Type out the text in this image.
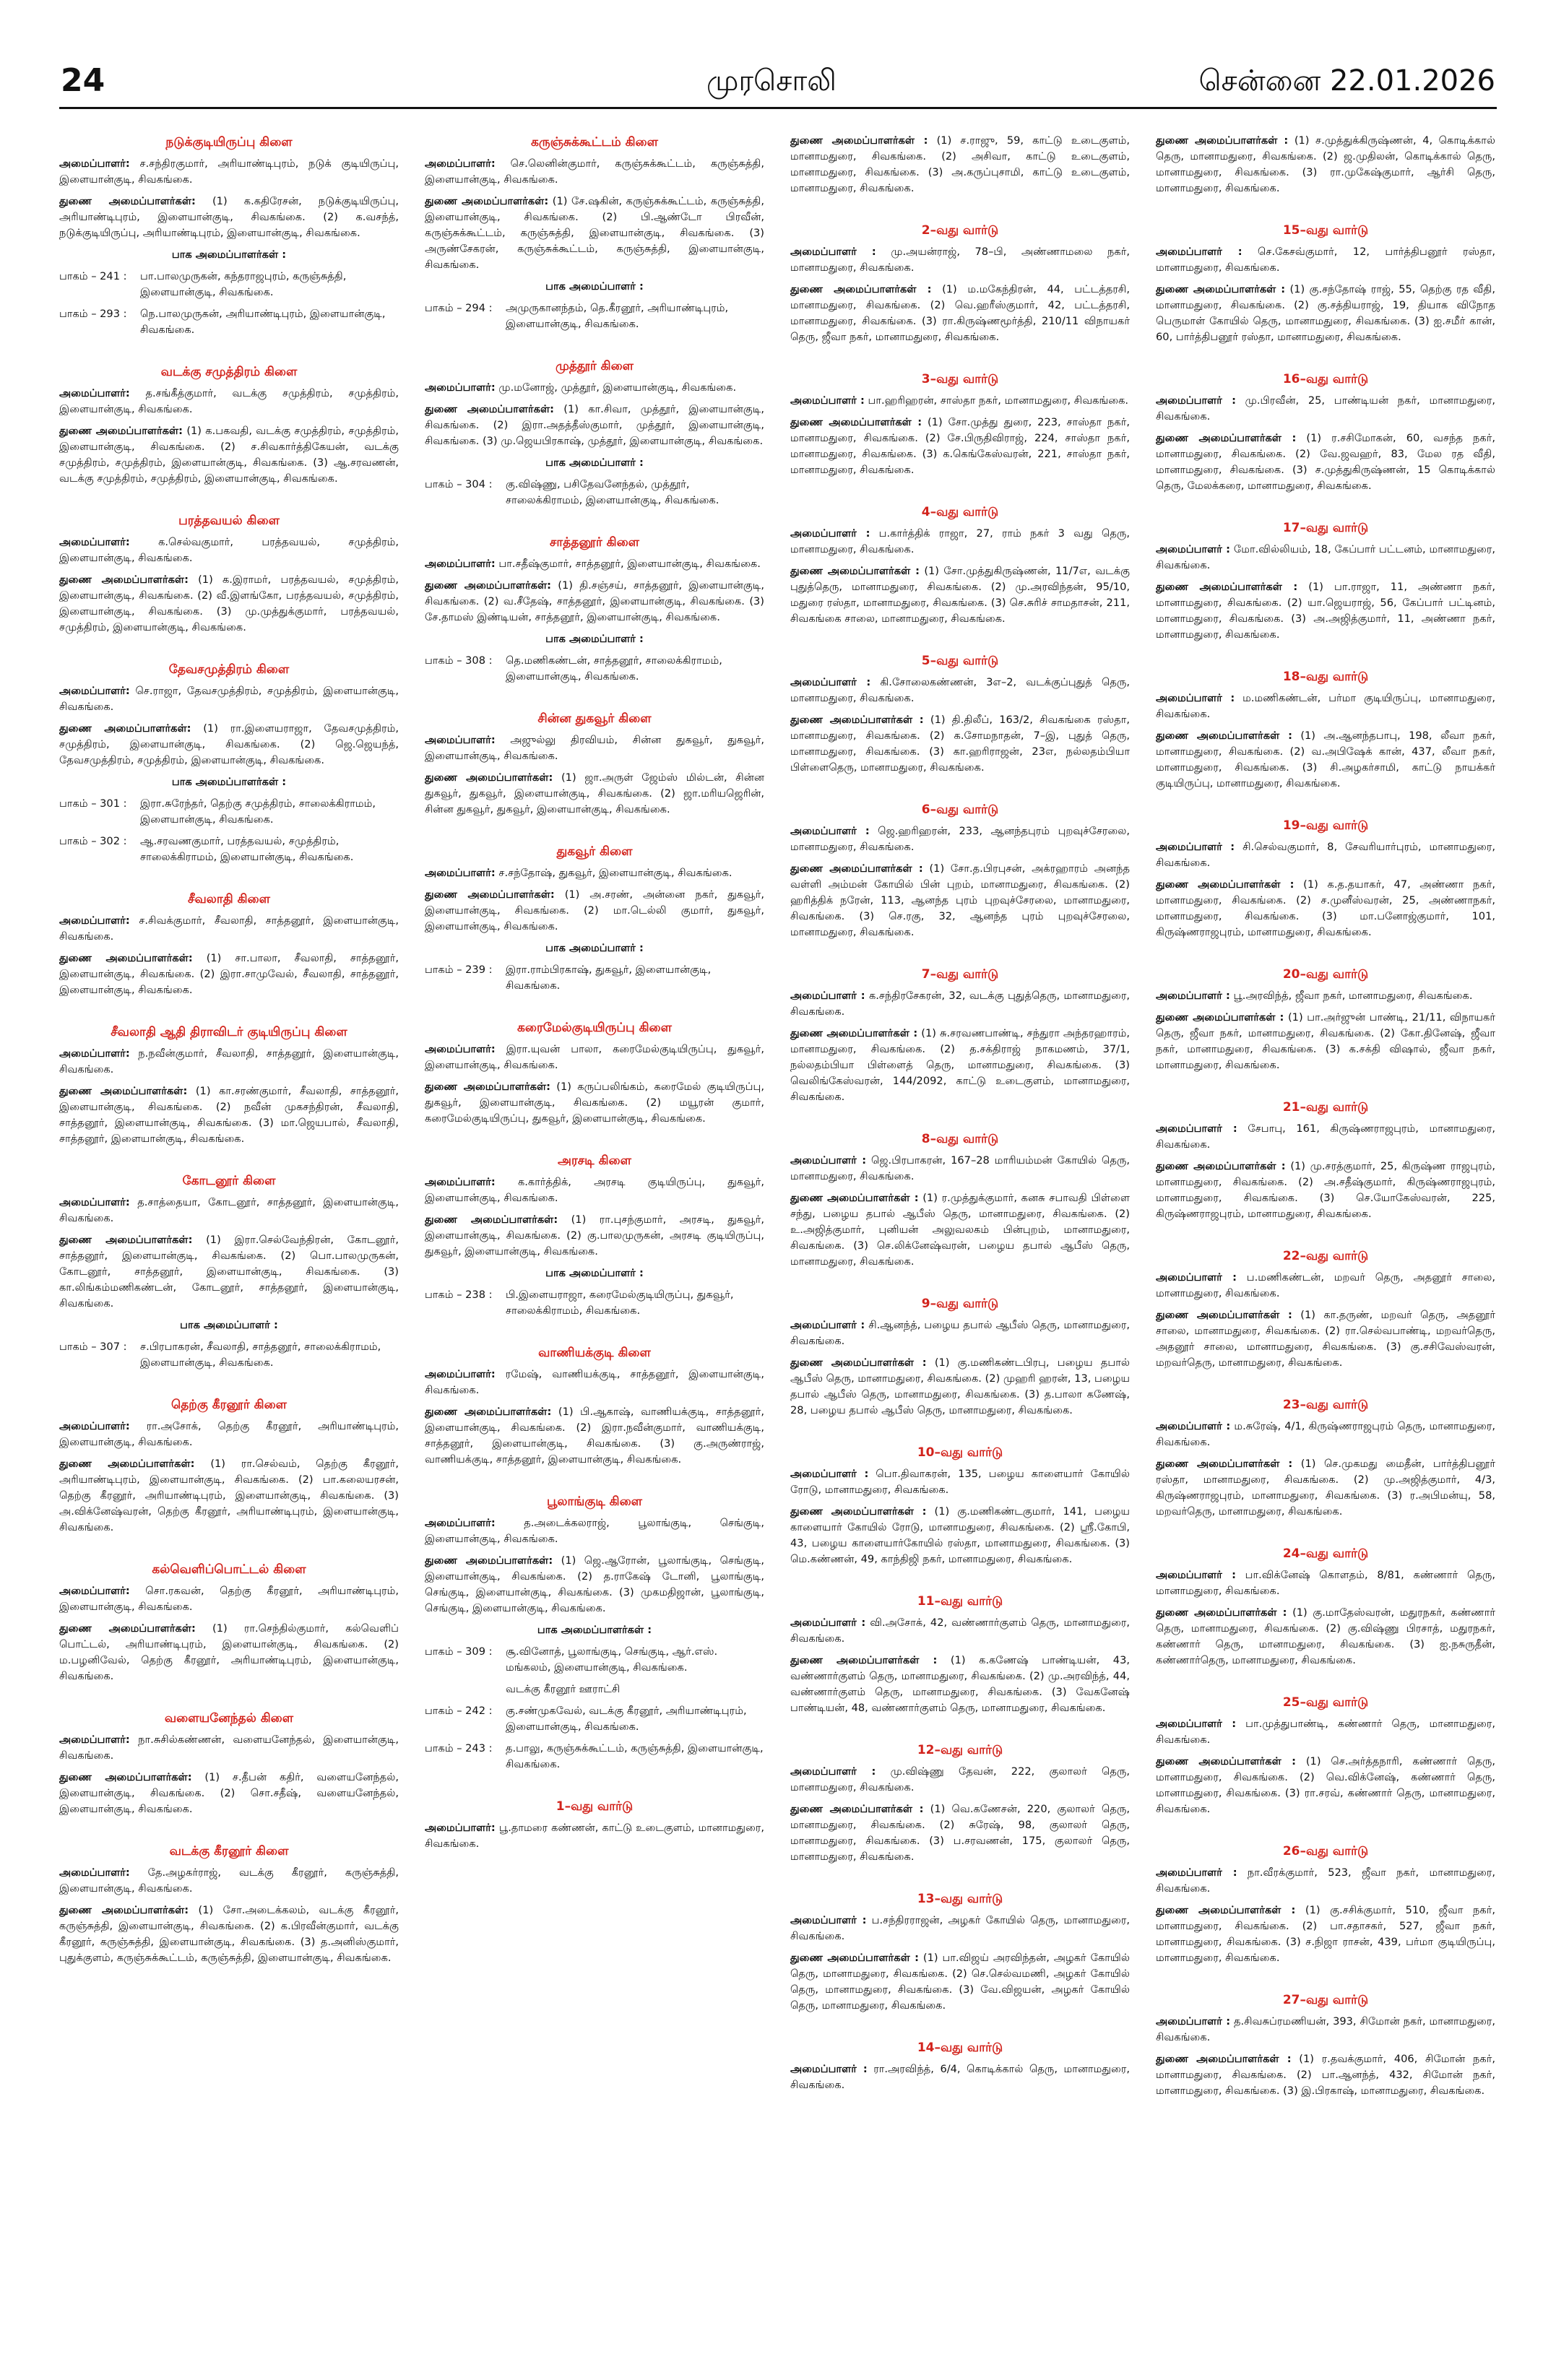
24	முரசொலி	சென்னை 22.01.2026
நடுக்குடியிருப்பு கிளை
அமைப்பாளர்: ச.சந்திரகுமார், அரியாண்டிபுரம், நடுக் குடியிருப்பு, இளையான்குடி, சிவகங்கை.
துணை அமைப்பாளர்கள்: (1) க.கதிரேசன், நடுக்குடியிருப்பு, அரியாண்டிபுரம், இளையான்குடி, சிவகங்கை. (2) க.வசந்த், நடுக்குடியிருப்பு, அரியாண்டிபுரம், இளையான்குடி, சிவகங்கை.
பாக அமைப்பாளர்கள் :
பாகம் – 241 :	பா.பாலமுருகன், கந்தராஜபுரம், கருஞ்சுத்தி, இளையான்குடி, சிவகங்கை.
பாகம் – 293 :	நெ.பாலமுருகன், அரியாண்டிபுரம், இளையான்குடி, சிவகங்கை.
வடக்கு சமுத்திரம் கிளை
அமைப்பாளர்: த.சங்கீத்குமார், வடக்கு சமுத்திரம், சமுத்திரம், இளையான்குடி, சிவகங்கை.
துணை அமைப்பாளர்கள்: (1) க.பகவதி, வடக்கு சமுத்திரம், சமுத்திரம், இளையான்குடி, சிவகங்கை. (2) ச.சிவகார்த்திகேயன், வடக்கு சமுத்திரம், சமுத்திரம், இளையான்குடி, சிவகங்கை. (3) ஆ.சரவணன், வடக்கு சமுத்திரம், சமுத்திரம், இளையான்குடி, சிவகங்கை.
பரத்தவயல் கிளை
அமைப்பாளர்:	க.செல்வகுமார், பரத்தவயல், சமுத்திரம், இளையான்குடி, சிவகங்கை.
துணை அமைப்பாளர்கள்: (1) க.இராமர், பரத்தவயல், சமுத்திரம், இளையான்குடி, சிவகங்கை. (2) வீ.இளங்கோ, பரத்தவயல், சமுத்திரம், இளையான்குடி, சிவகங்கை. (3) மு.முத்துக்குமார், பரத்தவயல், சமுத்திரம், இளையான்குடி, சிவகங்கை.
தேவசமுத்திரம் கிளை
அமைப்பாளர்: செ.ராஜா, தேவசமுத்திரம், சமுத்திரம், இளையான்குடி, சிவகங்கை.
துணை அமைப்பாளர்கள்: (1) ரா.இளையராஜா, தேவசமுத்திரம், சமுத்திரம், இளையான்குடி, சிவகங்கை. (2) ஜெ.ஜெயந்த், தேவசமுத்திரம், சமுத்திரம், இளையான்குடி, சிவகங்கை.
பாக அமைப்பாளர்கள் :
பாகம் – 301 :	இரா.சுரேந்தர், தெற்கு சமுத்திரம், சாலைக்கிராமம், இளையான்குடி, சிவகங்கை.
பாகம் – 302 :	ஆ.சரவணகுமார், பரத்தவயல், சமுத்திரம், சாலைக்கிராமம், இளையான்குடி, சிவகங்கை.
சீவலாதி கிளை
அமைப்பாளர்: ச.சிவக்குமார், சீவலாதி, சாத்தனூர், இளையான்குடி, சிவகங்கை.
துணை அமைப்பாளர்கள்: (1) சா.பாலா, சீவலாதி, சாத்தனூர், இளையான்குடி, சிவகங்கை. (2) இரா.சாமுவேல், சீவலாதி, சாத்தனூர், இளையான்குடி, சிவகங்கை.
சீவலாதி ஆதி திராவிடர் குடியிருப்பு கிளை
அமைப்பாளர்: ந.நவீன்குமார், சீவலாதி, சாத்தனூர், இளையான்குடி, சிவகங்கை.
துணை அமைப்பாளர்கள்: (1) கா.சரண்குமார், சீவலாதி, சாத்தனூர், இளையான்குடி, சிவகங்கை. (2) நவீன் முகசந்திரன், சீவலாதி, சாத்தனூர், இளையான்குடி, சிவகங்கை. (3) மா.ஜெயபால், சீவலாதி, சாத்தனூர், இளையான்குடி, சிவகங்கை.
கோடனூர் கிளை
அமைப்பாளர்: த.சாத்தையா, கோடனூர், சாத்தனூர், இளையான்குடி, சிவகங்கை.
துணை அமைப்பாளர்கள்: (1) இரா.செல்வேந்திரன், கோடனூர், சாத்தனூர், இளையான்குடி, சிவகங்கை. (2) பொ.பாலமுருகன், கோடனூர், சாத்தனூர், இளையான்குடி, சிவகங்கை. (3) கா.லிங்கம்மணிகண்டன், கோடனூர், சாத்தனூர், இளையான்குடி, சிவகங்கை.
பாக அமைப்பாளர் :
பாகம் – 307 :	ச.பிரபாகரன், சீவலாதி, சாத்தனூர், சாலைக்கிராமம், இளையான்குடி, சிவகங்கை.
தெற்கு கீரனூர் கிளை
அமைப்பாளர்: ரா.அசோக், தெற்கு கீரனூர், அரியாண்டிபுரம், இளையான்குடி, சிவகங்கை.
துணை அமைப்பாளர்கள்: (1) ரா.செல்வம், தெற்கு கீரனூர், அரியாண்டிபுரம், இளையான்குடி, சிவகங்கை. (2) பா.கலையரசன், தெற்கு கீரனூர், அரியாண்டிபுரம், இளையான்குடி, சிவகங்கை. (3) அ.விக்னேஷ்வரன், தெற்கு கீரனூர், அரியாண்டிபுரம், இளையான்குடி, சிவகங்கை.
கல்வெளிப்பொட்டல் கிளை
அமைப்பாளர்: சொ.ரகவன், தெற்கு கீரனூர், அரியாண்டிபுரம், இளையான்குடி, சிவகங்கை.
துணை அமைப்பாளர்கள்: (1) ரா.செந்தில்குமார், கல்வெளிப் பொட்டல், அரியாண்டிபுரம், இளையான்குடி, சிவகங்கை. (2) ம.பழனிவேல், தெற்கு கீரனூர், அரியாண்டிபுரம், இளையான்குடி, சிவகங்கை.
வளையனேந்தல் கிளை
அமைப்பாளர்: நா.சுசில்கண்ணன், வளையனேந்தல், இளையான்குடி, சிவகங்கை.
துணை அமைப்பாளர்கள்: (1) ச.தீபன் கதிர், வளையனேந்தல், இளையான்குடி, சிவகங்கை. (2) சொ.சதீஷ், வளையனேந்தல், இளையான்குடி, சிவகங்கை.
வடக்கு கீரனூர் கிளை
அமைப்பாளர்: தே.அழகர்ராஜ், வடக்கு கீரனூர், கருஞ்சுத்தி, இளையான்குடி, சிவகங்கை.
துணை அமைப்பாளர்கள்: (1) சோ.அடைக்கலம், வடக்கு கீரனூர், கருஞ்சுத்தி, இளையான்குடி, சிவகங்கை. (2) க.பிரவீன்குமார், வடக்கு கீரனூர், கருஞ்சுத்தி, இளையான்குடி, சிவகங்கை. (3) த.அனிஸ்குமார், புதுக்குளம், கருஞ்சுக்கூட்டம், கருஞ்சுத்தி, இளையான்குடி, சிவகங்கை.
கருஞ்சுக்கூட்டம் கிளை
அமைப்பாளர்: செ.லெனின்குமார், கருஞ்சுக்கூட்டம், கருஞ்சுத்தி, இளையான்குடி, சிவகங்கை.
துணை அமைப்பாளர்கள்: (1) சே.ஷகின், கருஞ்சுக்கூட்டம், கருஞ்சுத்தி, இளையான்குடி, சிவகங்கை. (2) பி.ஆண்டோ பிரவீன், கருஞ்சுக்கூட்டம், கருஞ்சுத்தி, இளையான்குடி, சிவகங்கை. (3) அருண்சேகரன், கருஞ்சுக்கூட்டம், கருஞ்சுத்தி, இளையான்குடி, சிவகங்கை.
பாக அமைப்பாளர் :
பாகம் – 294 :	அமுருகானந்தம், தெ.கீரனூர், அரியாண்டிபுரம், இளையான்குடி, சிவகங்கை.
முத்தூர் கிளை
அமைப்பாளர்: மு.மனோஜ், முத்தூர், இளையான்குடி, சிவகங்கை.
துணை அமைப்பாளர்கள்: (1) கா.சிவா, முத்தூர், இளையான்குடி, சிவகங்கை. (2) இரா.அதத்தீஸ்குமார், முத்தூர், இளையான்குடி, சிவகங்கை. (3) மு.ஜெயபிரகாஷ், முத்தூர், இளையான்குடி, சிவகங்கை.
பாக அமைப்பாளர் :
பாகம் – 304 :	கு.விஷ்ணு, பசிதேவனேந்தல், முத்தூர், சாலைக்கிராமம், இளையான்குடி, சிவகங்கை.
சாத்தனூர் கிளை
அமைப்பாளர்: பா.சதீஷ்குமார், சாத்தனூர், இளையான்குடி, சிவகங்கை.
துணை அமைப்பாளர்கள்: (1) தி.சஞ்சய், சாத்தனூர், இளையான்குடி, சிவகங்கை. (2) வ.சீதேஷ், சாத்தனூர், இளையான்குடி, சிவகங்கை. (3) சே.தாமஸ் இண்டியன், சாத்தனூர், இளையான்குடி, சிவகங்கை.
பாக அமைப்பாளர் :
பாகம் – 308 :	தெ.மணிகண்டன், சாத்தனூர், சாலைக்கிராமம், இளையான்குடி, சிவகங்கை.
சின்ன துகவூர் கிளை
அமைப்பாளர்: அஜுல்லு திரவியம், சின்ன துகவூர், துகவூர், இளையான்குடி, சிவகங்கை.
துணை அமைப்பாளர்கள்: (1) ஜா.அருள் ஜேம்ஸ் மில்டன், சின்ன துகவூர், துகவூர், இளையான்குடி, சிவகங்கை. (2) ஜா.மரியஜெரின், சின்ன துகவூர், துகவூர், இளையான்குடி, சிவகங்கை.
துகவூர் கிளை
அமைப்பாளர்: ச.சந்தோஷ், துகவூர், இளையான்குடி, சிவகங்கை.
துணை அமைப்பாளர்கள்: (1) அ.சரண், அன்னை நகர், துகவூர், இளையான்குடி, சிவகங்கை. (2) மா.டெல்லி குமார், துகவூர், இளையான்குடி, சிவகங்கை.
பாக அமைப்பாளர் :
பாகம் – 239 :	இரா.ராம்பிரகாஷ், துகவூர், இளையான்குடி, சிவகங்கை.
கரைமேல்குடியிருப்பு கிளை
அமைப்பாளர்: இரா.யுவன் பாலா, கரைமேல்குடியிருப்பு, துகவூர், இளையான்குடி, சிவகங்கை.
துணை அமைப்பாளர்கள்: (1) கருப்பலிங்கம், கரைமேல் குடியிருப்பு, துகவூர், இளையான்குடி, சிவகங்கை. (2) மயூரன் குமார், கரைமேல்குடியிருப்பு, துகவூர், இளையான்குடி, சிவகங்கை.
அரசடி கிளை
அமைப்பாளர்: க.கார்த்திக், அரசடி குடியிருப்பு, துகவூர், இளையான்குடி, சிவகங்கை.
துணை அமைப்பாளர்கள்: (1) ரா.புசந்குமார், அரசடி, துகவூர், இளையான்குடி, சிவகங்கை. (2) கு.பாலமுருகன், அரசடி குடியிருப்பு, துகவூர், இளையான்குடி, சிவகங்கை.
பாக அமைப்பாளர் :
பாகம் – 238 :	பி.இளையராஜா, கரைமேல்குடியிருப்பு, துகவூர், சாலைக்கிராமம், சிவகங்கை.
வாணியக்குடி கிளை
அமைப்பாளர்: ரமேஷ், வாணியக்குடி, சாத்தனூர், இளையான்குடி, சிவகங்கை.
துணை அமைப்பாளர்கள்: (1) பி.ஆகாஷ், வாணியக்குடி, சாத்தனூர், இளையான்குடி, சிவகங்கை. (2) இரா.நவீன்குமார், வாணியக்குடி, சாத்தனூர், இளையான்குடி, சிவகங்கை. (3) கு.அருண்ராஜ், வாணியக்குடி, சாத்தனூர், இளையான்குடி, சிவகங்கை.
பூலாங்குடி கிளை
அமைப்பாளர்:	த.அடைக்கலராஜ், பூலாங்குடி, செங்குடி, இளையான்குடி, சிவகங்கை.
துணை அமைப்பாளர்கள்: (1) ஜெ.ஆரோன், பூலாங்குடி, செங்குடி, இளையான்குடி, சிவகங்கை. (2) த.ராகேஷ் டோனி, பூலாங்குடி, செங்குடி, இளையான்குடி, சிவகங்கை. (3) முகமதிஜான், பூலாங்குடி, செங்குடி, இளையான்குடி, சிவகங்கை.
பாக அமைப்பாளர்கள் :
பாகம் – 309 :	சூ.வினோத், பூலாங்குடி, செங்குடி, ஆர்.எஸ். மங்கலம், இளையான்குடி, சிவகங்கை.
வடக்கு கீரனூர் ஊராட்சி
பாகம் – 242 :	கு.சண்முகவேல், வடக்கு கீரனூர், அரியாண்டிபுரம், இளையான்குடி, சிவகங்கை.
பாகம் – 243 :	த.பாலு, கருஞ்சுக்கூட்டம், கருஞ்சுத்தி, இளையான்குடி, சிவகங்கை.
1–வது வார்டு
அமைப்பாளர்: பூ.தாமரை கண்ணன், காட்டு உடைகுளம், மானாமதுரை, சிவகங்கை.
துணை அமைப்பாளர்கள் : (1) ச.ராஜு, 59, காட்டு உடைகுளம், மானாமதுரை, சிவகங்கை. (2) அசிவா, காட்டு உடைகுளம், மானாமதுரை, சிவகங்கை. (3) அ.கருப்புசாமி, காட்டு உடைகுளம், மானாமதுரை, சிவகங்கை.
2–வது வார்டு
அமைப்பாளர் : மு.அயன்ராஜ், 78–பி, அண்ணாமலை நகர், மானாமதுரை, சிவகங்கை.
துணை அமைப்பாளர்கள் : (1) ம.மகேந்திரன், 44, பட்டத்தரசி, மானாமதுரை, சிவகங்கை. (2) வெ.ஹரீஸ்குமார், 42, பட்டத்தரசி, மானாமதுரை, சிவகங்கை. (3) ரா.கிருஷ்ணமூர்த்தி, 210/11 விநாயகர் தெரு, ஜீவா நகர், மானாமதுரை, சிவகங்கை.
3–வது வார்டு
அமைப்பாளர் : பா.ஹரிஹரன், சாஸ்தா நகர், மானாமதுரை, சிவகங்கை.
துணை அமைப்பாளர்கள் : (1) சோ.முத்து துரை, 223, சாஸ்தா நகர், மானாமதுரை, சிவகங்கை. (2) சே.பிருதிவிராஜ், 224, சாஸ்தா நகர், மானாமதுரை, சிவகங்கை. (3) க.கெங்கேஸ்வரன், 221, சாஸ்தா நகர், மானாமதுரை, சிவகங்கை.
4–வது வார்டு
அமைப்பாளர் : ப.கார்த்திக் ராஜா, 27, ராம் நகர் 3 வது தெரு, மானாமதுரை, சிவகங்கை.
துணை அமைப்பாளர்கள் : (1) சோ.முத்துகிருஷ்ணன், 11/7எ, வடக்கு புதுத்தெரு, மானாமதுரை, சிவகங்கை. (2) மு.அரவிந்தன், 95/10, மதுரை ரஸ்தா, மானாமதுரை, சிவகங்கை. (3) செ.சுரிச் சாமதாசன், 211, சிவகங்கை சாலை, மானாமதுரை, சிவகங்கை.
5–வது வார்டு
அமைப்பாளர் : கி.சோலைகண்ணன், 3எ–2, வடக்குப்புதுத் தெரு, மானாமதுரை, சிவகங்கை.
துணை அமைப்பாளர்கள் : (1) தி.திலீப், 163/2, சிவகங்கை ரஸ்தா, மானாமதுரை, சிவகங்கை. (2) க.சோமநாதன், 7–இ, புதுத் தெரு, மானாமதுரை, சிவகங்கை. (3) கா.ஹரிராஜன், 23எ, நல்லதம்பியா பிள்ளைதெரு, மானாமதுரை, சிவகங்கை.
6–வது வார்டு
அமைப்பாளர் : ஜெ.ஹரிஹரன், 233, ஆனந்தபுரம் புறவுச்சேரலை, மானாமதுரை, சிவகங்கை.
துணை அமைப்பாளர்கள் : (1) சோ.த.பிரபுசன், அக்ரஹாரம் அனந்த வள்ளி அம்மன் கோயில் பின் புறம், மானாமதுரை, சிவகங்கை. (2) ஹரித்திக் நரேன், 113, ஆனந்த புரம் புறவுச்சேரலை, மானாமதுரை, சிவகங்கை. (3) செ.ரகு, 32, ஆனந்த புரம் புறவுச்சேரலை, மானாமதுரை, சிவகங்கை.
7–வது வார்டு
அமைப்பாளர் : க.சந்திரசேகரன், 32, வடக்கு புதுத்தெரு, மானாமதுரை, சிவகங்கை.
துணை அமைப்பாளர்கள் : (1) சு.சரவணபாண்டி, சந்துரா அந்தரஹாரம், மானாமதுரை, சிவகங்கை. (2) த.சக்திராஜ் நாகமணம், 37/1, நல்லதம்பியா பிள்ளைத் தெரு, மானாமதுரை, சிவகங்கை. (3) வெலிங்கேஸ்வரன், 144/2092, காட்டு உடைகுளம், மானாமதுரை, சிவகங்கை.
8–வது வார்டு
அமைப்பாளர் : ஜெ.பிரபாகரன், 167–28 மாரியம்மன் கோயில் தெரு, மானாமதுரை, சிவகங்கை.
துணை அமைப்பாளர்கள் : (1) ர.முத்துக்குமார், கனசு சபாவதி பிள்ளை சந்து, பழைய தபால் ஆபீஸ் தெரு, மானாமதுரை, சிவகங்கை. (2) உ.அஜித்குமார், புனியன் அலுவலகம் பின்புறம், மானாமதுரை, சிவகங்கை. (3) செ.லிக்னேஷ்வரன், பழைய தபால் ஆபீஸ் தெரு, மானாமதுரை, சிவகங்கை.
9–வது வார்டு
அமைப்பாளர் : சி.ஆனந்த், பழைய தபால் ஆபீஸ் தெரு, மானாமதுரை, சிவகங்கை.
துணை அமைப்பாளர்கள் : (1) கு.மணிகண்டபிரபு, பழைய தபால் ஆபீஸ் தெரு, மானாமதுரை, சிவகங்கை. (2) முஹரி ஹரன், 13, பழைய தபால் ஆபீஸ் தெரு, மானாமதுரை, சிவகங்கை. (3) த.பாலா கணேஷ், 28, பழைய தபால் ஆபீஸ் தெரு, மானாமதுரை, சிவகங்கை.
10–வது வார்டு
அமைப்பாளர் : பொ.திவாகரன், 135, பழைய காளையார் கோயில் ரோடு, மானாமதுரை, சிவகங்கை.
துணை அமைப்பாளர்கள் : (1) கு.மணிகண்டகுமார், 141, பழைய காளையார் கோயில் ரோடு, மானாமதுரை, சிவகங்கை. (2) ஸ்ரீ.கோபி, 43, பழைய காளையார்கோயில் ரஸ்தா, மானாமதுரை, சிவகங்கை. (3) மெ.கண்ணன், 49, காந்திஜி நகர், மானாமதுரை, சிவகங்கை.
11–வது வார்டு
அமைப்பாளர் : வி.அசோக், 42, வண்ணார்குளம் தெரு, மானாமதுரை, சிவகங்கை.
துணை அமைப்பாளர்கள் : (1) க.கணேஷ் பாண்டியன், 43, வண்ணார்குளம் தெரு, மானாமதுரை, சிவகங்கை. (2) மு.அரவிந்த், 44, வண்ணார்குளம் தெரு, மானாமதுரை, சிவகங்கை. (3) வேகனேஷ் பாண்டியன், 48, வண்ணார்குளம் தெரு, மானாமதுரை, சிவகங்கை.
12–வது வார்டு
அமைப்பாளர் : மு.விஷ்ணு தேவன், 222, குலாலர் தெரு, மானாமதுரை, சிவகங்கை.
துணை அமைப்பாளர்கள் : (1) வெ.கணேசன், 220, குலாலர் தெரு, மானாமதுரை, சிவகங்கை. (2) சுரேஷ், 98, குலாலர் தெரு, மானாமதுரை, சிவகங்கை. (3) ப.சரவணன், 175, குலாலர் தெரு, மானாமதுரை, சிவகங்கை.
13–வது வார்டு
அமைப்பாளர் : ப.சந்திரராஜன், அழகர் கோயில் தெரு, மானாமதுரை, சிவகங்கை.
துணை அமைப்பாளர்கள் : (1) பா.விஜய் அரவிந்தன், அழகர் கோயில் தெரு, மானாமதுரை, சிவகங்கை. (2) செ.செல்வமணி, அழகர் கோயில் தெரு, மானாமதுரை, சிவகங்கை. (3) வே.விஜயன், அழகர் கோயில் தெரு, மானாமதுரை, சிவகங்கை.
14–வது வார்டு
அமைப்பாளர் : ரா.அரவிந்த், 6/4, கொடிக்கால் தெரு, மானாமதுரை, சிவகங்கை.
துணை அமைப்பாளர்கள் : (1) ச.முத்துக்கிருஷ்ணன், 4, கொடிக்கால் தெரு, மானாமதுரை, சிவகங்கை. (2) ஜ.முதிலன், கொடிக்கால் தெரு, மானாமதுரை, சிவகங்கை. (3) ரா.முகேஷ்குமார், ஆர்சி தெரு, மானாமதுரை, சிவகங்கை.
15–வது வார்டு
அமைப்பாளர் : செ.கேசவ்குமார், 12, பார்த்திபனூர் ரஸ்தா, மானாமதுரை, சிவகங்கை.
துணை அமைப்பாளர்கள் : (1) கு.சந்தோஷ் ராஜ், 55, தெற்கு ரத வீதி, மானாமதுரை, சிவகங்கை. (2) கு.சத்தியராஜ், 19, தியாக விநோத பெருமாள் கோயில் தெரு, மானாமதுரை, சிவகங்கை. (3) ஐ.சமீர் கான், 60, பார்த்திபனூர் ரஸ்தா, மானாமதுரை, சிவகங்கை.
16–வது வார்டு
அமைப்பாளர் : மு.பிரவீன், 25, பாண்டியன் நகர், மானாமதுரை, சிவகங்கை.
துணை அமைப்பாளர்கள் : (1) ர.சசிமோகன், 60, வசந்த நகர், மானாமதுரை, சிவகங்கை. (2) வே.ஜவஹர், 83, மேல ரத வீதி, மானாமதுரை, சிவகங்கை. (3) ச.முத்துகிருஷ்ணன், 15 கொடிக்கால் தெரு, மேலக்கரை, மானாமதுரை, சிவகங்கை.
17–வது வார்டு
அமைப்பாளர் : மோ.வில்லியம், 18, கேப்பார் பட்டனம், மானாமதுரை, சிவகங்கை.
துணை அமைப்பாளர்கள் : (1) பா.ராஜா, 11, அண்ணா நகர், மானாமதுரை, சிவகங்கை. (2) யா.ஜெயராஜ், 56, கேப்பார் பட்டினம், மானாமதுரை, சிவகங்கை. (3) அ.அஜித்குமார், 11, அண்ணா நகர், மானாமதுரை, சிவகங்கை.
18–வது வார்டு
அமைப்பாளர் : ம.மணிகண்டன், பர்மா குடியிருப்பு, மானாமதுரை, சிவகங்கை.
துணை அமைப்பாளர்கள் : (1) அ.ஆனந்தபாபு, 198, லீவா நகர், மானாமதுரை, சிவகங்கை. (2) வ.அபிஷேக் கான், 437, லீவா நகர், மானாமதுரை, சிவகங்கை. (3) சி.அழகர்சாமி, காட்டு நாயக்கர் குடியிருப்பு, மானாமதுரை, சிவகங்கை.
19–வது வார்டு
அமைப்பாளர் : சி.செல்வகுமார், 8, சேவரியார்புரம், மானாமதுரை, சிவகங்கை.
துணை அமைப்பாளர்கள் : (1) க.த.தயாகர், 47, அண்ணா நகர், மானாமதுரை, சிவகங்கை. (2) ச.முனீஸ்வரன், 25, அண்ணாநகர், மானாமதுரை, சிவகங்கை. (3) மா.பனோஜ்குமார், 101, கிருஷ்ணராஜபுரம், மானாமதுரை, சிவகங்கை.
20–வது வார்டு
அமைப்பாளர் : பூ.அரவிந்த், ஜீவா நகர், மானாமதுரை, சிவகங்கை.
துணை அமைப்பாளர்கள் : (1) பா.அர்ஜுன் பாண்டி, 21/11, விநாயகர் தெரு, ஜீவா நகர், மானாமதுரை, சிவகங்கை. (2) கோ.தினேஷ், ஜீவா நகர், மானாமதுரை, சிவகங்கை. (3) க.சக்தி விஷால், ஜீவா நகர், மானாமதுரை, சிவகங்கை.
21–வது வார்டு
அமைப்பாளர் : சேபாபு, 161, கிருஷ்ணராஜபுரம், மானாமதுரை, சிவகங்கை.
துணை அமைப்பாளர்கள் : (1) மு.சரத்குமார், 25, கிருஷ்ண ராஜபுரம், மானாமதுரை, சிவகங்கை. (2) அ.சதீஷ்குமார், கிருஷ்ணராஜபுரம், மானாமதுரை, சிவகங்கை. (3) செ.யோகேஸ்வரன், 225, கிருஷ்ணராஜபுரம், மானாமதுரை, சிவகங்கை.
22–வது வார்டு
அமைப்பாளர் : ப.மணிகண்டன், மறவர் தெரு, அதனூர் சாலை, மானாமதுரை, சிவகங்கை.
துணை அமைப்பாளர்கள் : (1) கா.தருண், மறவர் தெரு, அதனூர் சாலை, மானாமதுரை, சிவகங்கை. (2) ரா.செல்வபாண்டி, மறவர்தெரு, அதனூர் சாலை, மானாமதுரை, சிவகங்கை. (3) கு.சசிவேஸ்வரன், மறவர்தெரு, மானாமதுரை, சிவகங்கை.
23–வது வார்டு
அமைப்பாளர் : ம.சுரேஷ், 4/1, கிருஷ்ணராஜபுரம் தெரு, மானாமதுரை, சிவகங்கை.
துணை அமைப்பாளர்கள் : (1) செ.முகமது மைதீன், பார்த்திபனூர் ரஸ்தா, மானாமதுரை, சிவகங்கை. (2) மு.அஜித்குமார், 4/3, கிருஷ்ணராஜபுரம், மானாமதுரை, சிவகங்கை. (3) ர.அபிமன்யு, 58, மறவர்தெரு, மானாமதுரை, சிவகங்கை.
24–வது வார்டு
அமைப்பாளர் : பா.விக்னேஷ் கொளதம், 8/81, கண்ணார் தெரு, மானாமதுரை, சிவகங்கை.
துணை அமைப்பாளர்கள் : (1) கு.மாதேஸ்வரன், மதுரநகர், கண்ணார் தெரு, மானாமதுரை, சிவகங்கை. (2) கு.விஷ்ணு பிரசாத், மதுரநகர், கண்ணார் தெரு, மானாமதுரை, சிவகங்கை. (3) ஐ.நசுருதீன், கண்ணார்தெரு, மானாமதுரை, சிவகங்கை.
25–வது வார்டு
அமைப்பாளர் : பா.முத்துபாண்டி, கண்ணார் தெரு, மானாமதுரை, சிவகங்கை.
துணை அமைப்பாளர்கள் : (1) செ.அர்த்தநாரி, கண்ணார் தெரு, மானாமதுரை, சிவகங்கை. (2) வெ.விக்னேஷ், கண்ணார் தெரு, மானாமதுரை, சிவகங்கை. (3) ரா.சரவ், கண்ணார் தெரு, மானாமதுரை, சிவகங்கை.
26–வது வார்டு
அமைப்பாளர் : நா.வீரக்குமார், 523, ஜீவா நகர், மானாமதுரை, சிவகங்கை.
துணை அமைப்பாளர்கள் : (1) கு.சசிக்குமார், 510, ஜீவா நகர், மானாமதுரை, சிவகங்கை. (2) பா.சதாசகர், 527, ஜீவா நகர், மானாமதுரை, சிவகங்கை. (3) ச.நிஜா ராசன், 439, பர்மா குடியிருப்பு, மானாமதுரை, சிவகங்கை.
27–வது வார்டு
அமைப்பாளர் : த.சிவசுப்ரமணியன், 393, சிமோன் நகர், மானாமதுரை, சிவகங்கை.
துணை அமைப்பாளர்கள் : (1) ர.தவக்குமார், 406, சிமோன் நகர், மானாமதுரை, சிவகங்கை. (2) பா.ஆனந்த், 432, சிமோன் நகர், மானாமதுரை, சிவகங்கை. (3) இ.பிரகாஷ், மானாமதுரை, சிவகங்கை.
